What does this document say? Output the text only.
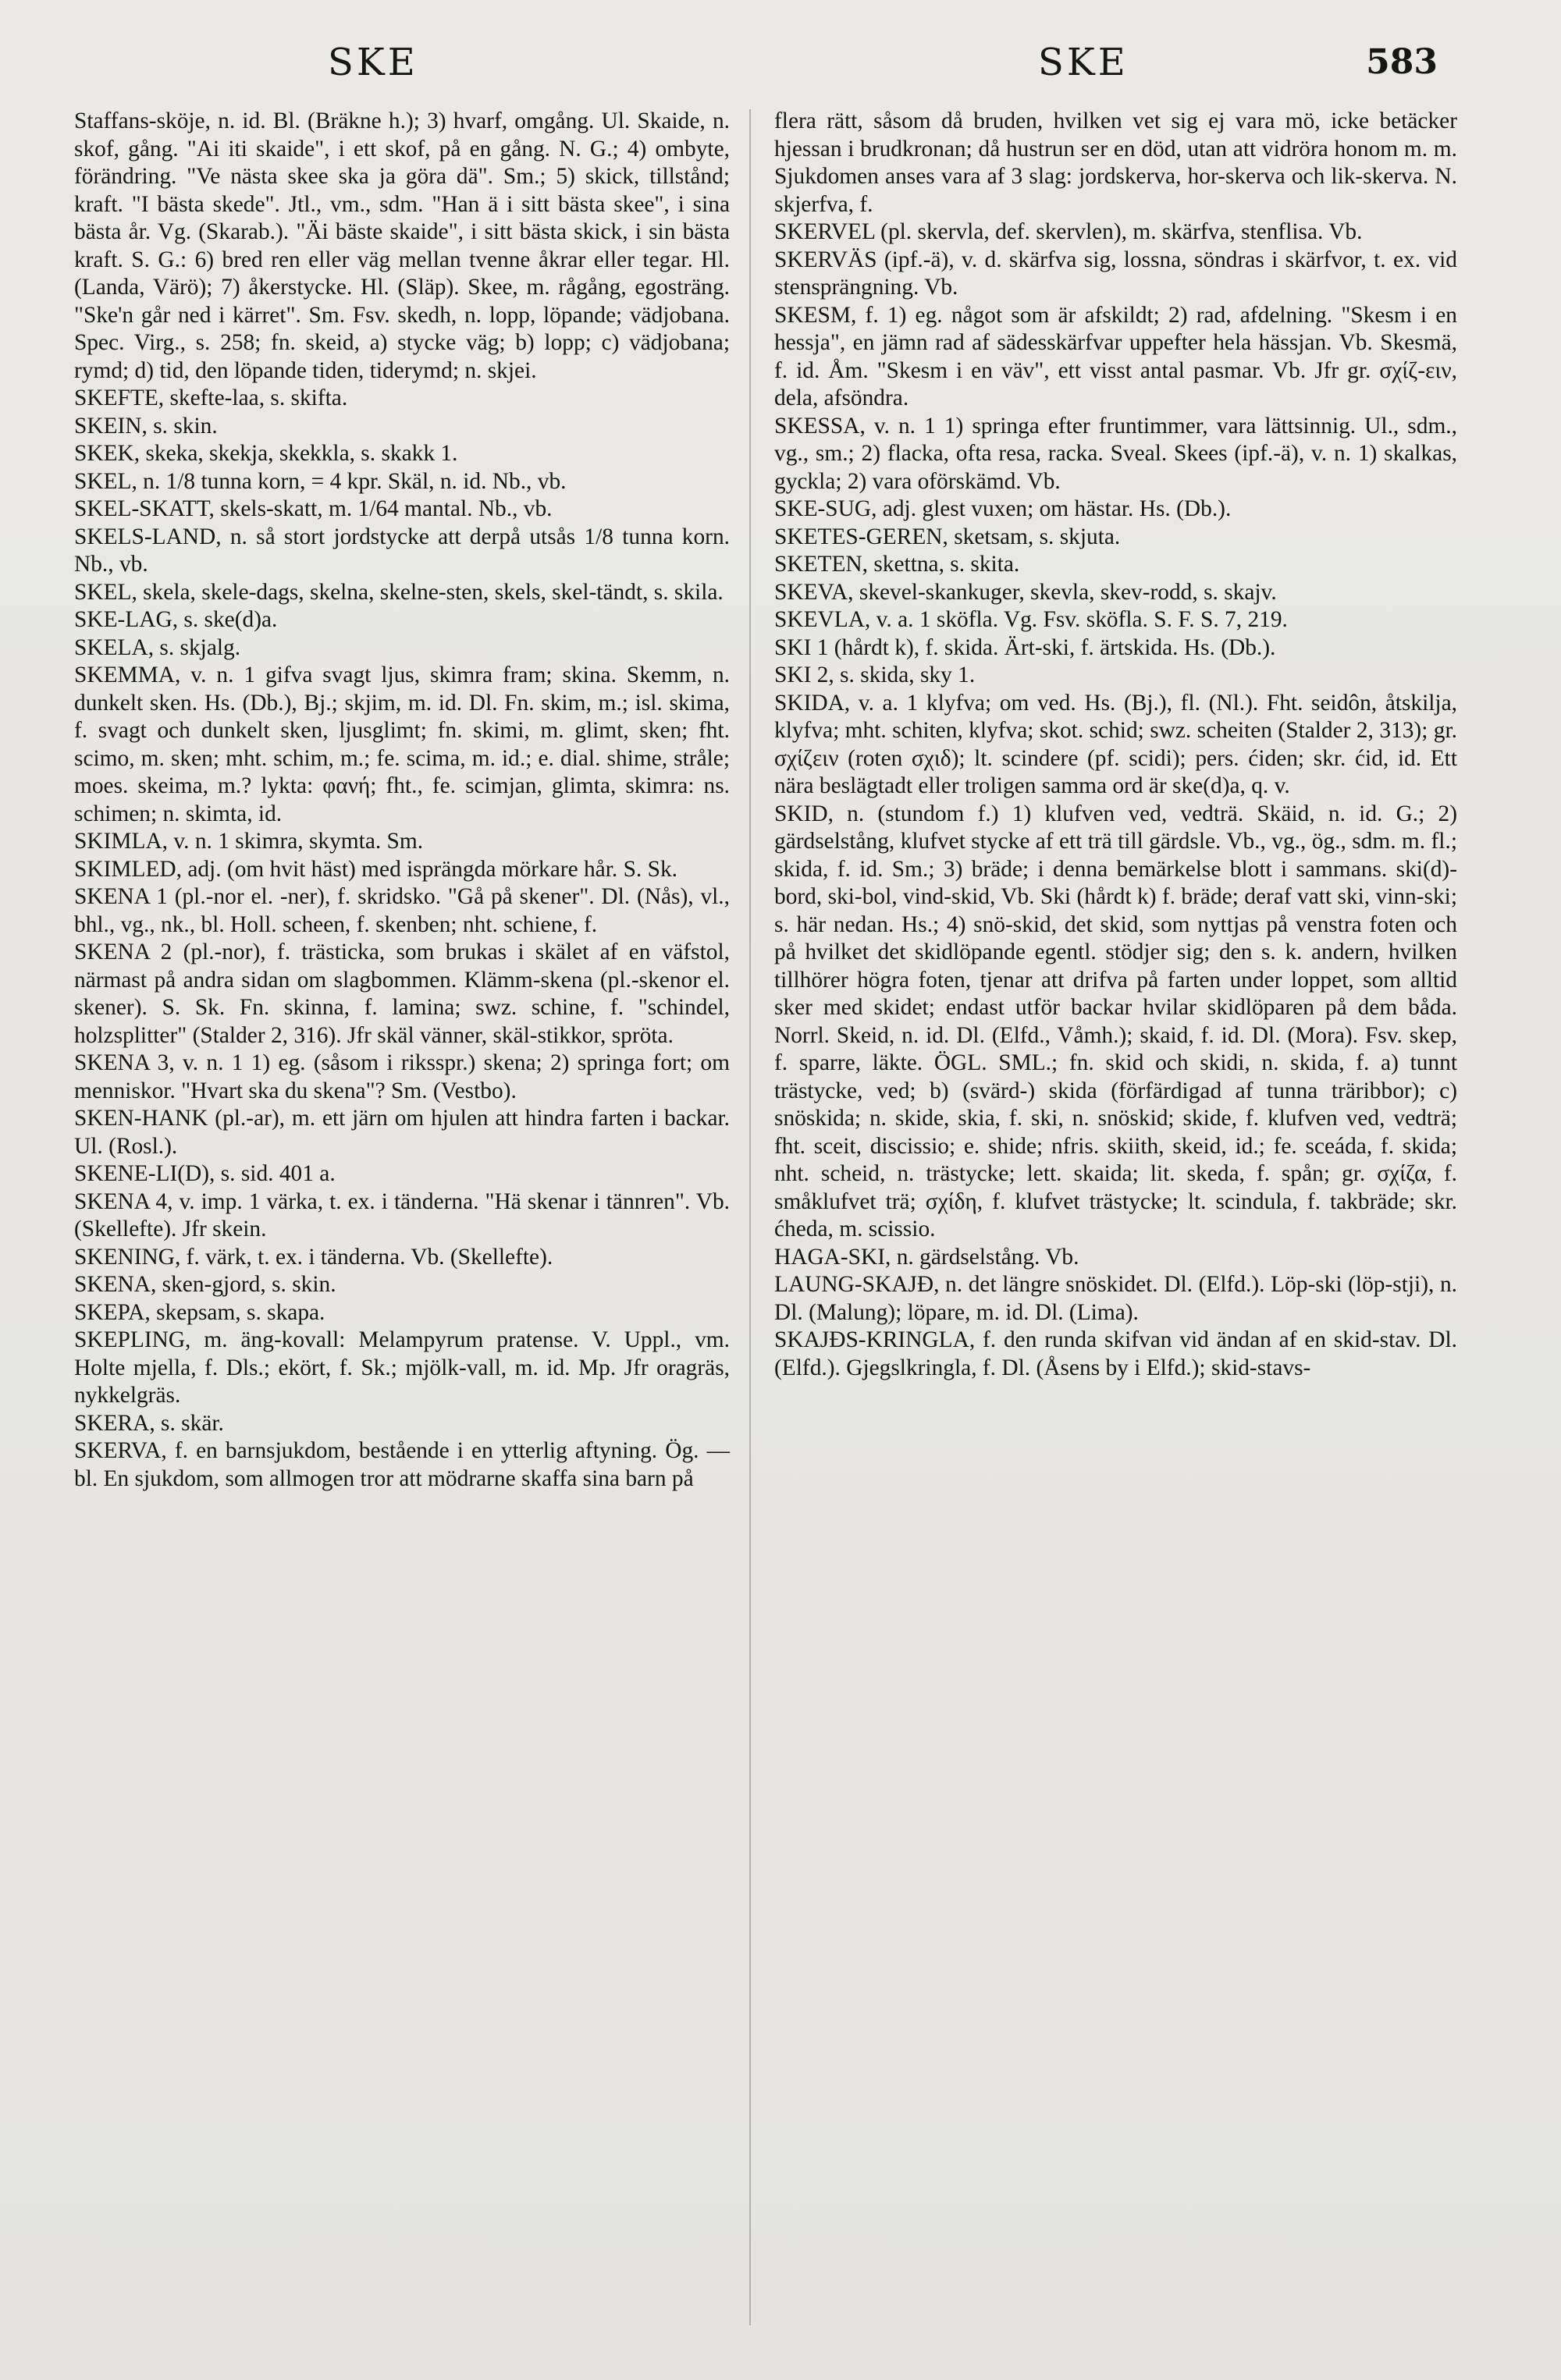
SKE	SKE	583

Staffans-sköje, n. id. Bl. (Bräkne h.); 3) hvarf, omgång. Ul. Skaide, n. skof, gång. "Ai iti skaide", i ett skof, på en gång. N. G.; 4) ombyte, förändring. "Ve nästa skee ska ja göra dä". Sm.; 5) skick, tillstånd; kraft. "I bästa skede". Jtl., vm., sdm. "Han ä i sitt bästa skee", i sina bästa år. Vg. (Skarab.). "Äi bäste skaide", i sitt bästa skick, i sin bästa kraft. S. G.: 6) bred ren eller väg mellan tvenne åkrar eller tegar. Hl. (Landa, Värö); 7) åkerstycke. Hl. (Släp). Skee, m. rågång, egosträng. "Ske'n går ned i kärret". Sm. Fsv. skedh, n. lopp, löpande; vädjobana. Spec. Virg., s. 258; fn. skeid, a) stycke väg; b) lopp; c) vädjobana; rymd; d) tid, den löpande tiden, tiderymd; n. skjei.

SKEFTE, skefte-laa, s. skifta.

SKEIN, s. skin.

SKEK, skeka, skekja, skekkla, s. skakk 1.

SKEL, n. 1/8 tunna korn, = 4 kpr. Skäl, n. id. Nb., vb.

SKEL-SKATT, skels-skatt, m. 1/64 mantal. Nb., vb.

SKELS-LAND, n. så stort jordstycke att derpå utsås 1/8 tunna korn. Nb., vb.

SKEL, skela, skele-dags, skelna, skelne-sten, skels, skel-tändt, s. skila.

SKE-LAG, s. ske(d)a.

SKELA, s. skjalg.

SKEMMA, v. n. 1 gifva svagt ljus, skimra fram; skina. Skemm, n. dunkelt sken. Hs. (Db.), Bj.; skjim, m. id. Dl. Fn. skim, m.; isl. skima, f. svagt och dunkelt sken, ljusglimt; fn. skimi, m. glimt, sken; fht. scimo, m. sken; mht. schim, m.; fe. scima, m. id.; e. dial. shime, stråle; moes. skeima, m.? lykta: φανή; fht., fe. scimjan, glimta, skimra: ns. schimen; n. skimta, id.

SKIMLA, v. n. 1 skimra, skymta. Sm.

SKIMLED, adj. (om hvit häst) med isprängda mörkare hår. S. Sk.

SKENA 1 (pl.-nor el. -ner), f. skridsko. "Gå på skener". Dl. (Nås), vl., bhl., vg., nk., bl. Holl. scheen, f. skenben; nht. schiene, f.

SKENA 2 (pl.-nor), f. trästicka, som brukas i skälet af en väfstol, närmast på andra sidan om slagbommen. Klämm-skena (pl.-skenor el. skener). S. Sk. Fn. skinna, f. lamina; swz. schine, f. "schindel, holzsplitter" (Stalder 2, 316). Jfr skäl vänner, skäl-stikkor, spröta.

SKENA 3, v. n. 1 1) eg. (såsom i riksspr.) skena; 2) springa fort; om menniskor. "Hvart ska du skena"? Sm. (Vestbo).

SKEN-HANK (pl.-ar), m. ett järn om hjulen att hindra farten i backar. Ul. (Rosl.).

SKENE-LI(D), s. sid. 401 a.

SKENA 4, v. imp. 1 värka, t. ex. i tänderna. "Hä skenar i tännren". Vb. (Skellefte). Jfr skein.

SKENING, f. värk, t. ex. i tänderna. Vb. (Skellefte).

SKENA, sken-gjord, s. skin.

SKEPA, skepsam, s. skapa.

SKEPLING, m. äng-kovall: Melampyrum pratense. V. Uppl., vm. Holte mjella, f. Dls.; ekört, f. Sk.; mjölk-vall, m. id. Mp. Jfr oragräs, nykkelgräs.

SKERA, s. skär.

SKERVA, f. en barnsjukdom, bestående i en ytterlig aftyning. Ög. —bl. En sjukdom, som allmogen tror att mödrarne skaffa sina barn på

flera rätt, såsom då bruden, hvilken vet sig ej vara mö, icke betäcker hjessan i brudkronan; då hustrun ser en död, utan att vidröra honom m. m. Sjukdomen anses vara af 3 slag: jordskerva, hor-skerva och lik-skerva. N. skjerfva, f.

SKERVEL (pl. skervla, def. skervlen), m. skärfva, stenflisa. Vb.

SKERVÄS (ipf.-ä), v. d. skärfva sig, lossna, söndras i skärfvor, t. ex. vid stensprängning. Vb.

SKESM, f. 1) eg. något som är afskildt; 2) rad, afdelning. "Skesm i en hessja", en jämn rad af sädesskärfvar uppefter hela hässjan. Vb. Skesmä, f. id. Åm. "Skesm i en väv", ett visst antal pasmar. Vb. Jfr gr. σχίζ-ειν, dela, afsöndra.

SKESSA, v. n. 1 1) springa efter fruntimmer, vara lättsinnig. Ul., sdm., vg., sm.; 2) flacka, ofta resa, racka. Sveal. Skees (ipf.-ä), v. n. 1) skalkas, gyckla; 2) vara oförskämd. Vb.

SKE-SUG, adj. glest vuxen; om hästar. Hs. (Db.).

SKETES-GEREN, sketsam, s. skjuta.

SKETEN, skettna, s. skita.

SKEVA, skevel-skankuger, skevla, skev-rodd, s. skajv.

SKEVLA, v. a. 1 sköfla. Vg. Fsv. sköfla. S. F. S. 7, 219.

SKI 1 (hårdt k), f. skida. Ärt-ski, f. ärtskida. Hs. (Db.).

SKI 2, s. skida, sky 1.

SKIDA, v. a. 1 klyfva; om ved. Hs. (Bj.), fl. (Nl.). Fht. seidôn, åtskilja, klyfva; mht. schiten, klyfva; skot. schid; swz. scheiten (Stalder 2, 313); gr. σχίζειν (roten σχιδ); lt. scindere (pf. scidi); pers. ćiden; skr. ćid, id. Ett nära beslägtadt eller troligen samma ord är ske(d)a, q. v.

SKID, n. (stundom f.) 1) klufven ved, vedträ. Skäid, n. id. G.; 2) gärdselstång, klufvet stycke af ett trä till gärdsle. Vb., vg., ög., sdm. m. fl.; skida, f. id. Sm.; 3) bräde; i denna bemärkelse blott i sammans. ski(d)-bord, ski-bol, vind-skid, Vb. Ski (hårdt k) f. bräde; deraf vatt ski, vinn-ski; s. här nedan. Hs.; 4) snö-skid, det skid, som nyttjas på venstra foten och på hvilket det skidlöpande egentl. stödjer sig; den s. k. andern, hvilken tillhörer högra foten, tjenar att drifva på farten under loppet, som alltid sker med skidet; endast utför backar hvilar skidlöparen på dem båda. Norrl. Skeid, n. id. Dl. (Elfd., Våmh.); skaid, f. id. Dl. (Mora). Fsv. skep, f. sparre, läkte. ÖGL. SML.; fn. skid och skidi, n. skida, f. a) tunnt trästycke, ved; b) (svärd-) skida (förfärdigad af tunna träribbor); c) snöskida; n. skide, skia, f. ski, n. snöskid; skide, f. klufven ved, vedträ; fht. sceit, discissio; e. shide; nfris. skiith, skeid, id.; fe. sceáda, f. skida; nht. scheid, n. trästycke; lett. skaida; lit. skeda, f. spån; gr. σχίζα, f. småklufvet trä; σχίδη, f. klufvet trästycke; lt. scindula, f. takbräde; skr. ćheda, m. scissio.

HAGA-SKI, n. gärdselstång. Vb.

LAUNG-SKAJÐ, n. det längre snöskidet. Dl. (Elfd.). Löp-ski (löp-stji), n. Dl. (Malung); löpare, m. id. Dl. (Lima).

SKAJÐS-KRINGLA, f. den runda skifvan vid ändan af en skid-stav. Dl. (Elfd.). Gjegslkringla, f. Dl. (Åsens by i Elfd.); skid-stavs-
